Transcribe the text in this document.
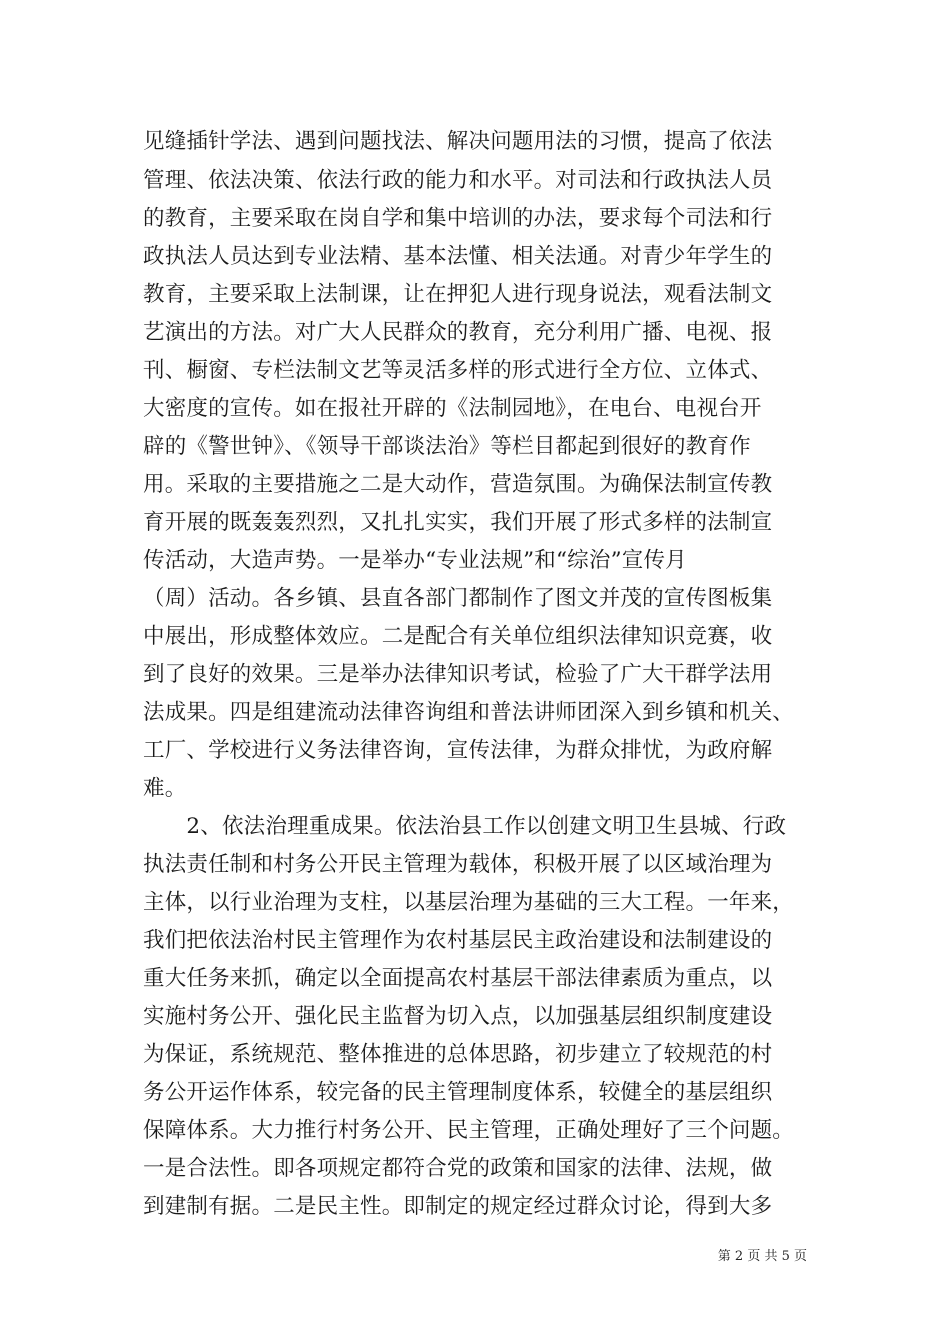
见缝插针学法、遇到问题找法、解决问题用法的习惯，提高了依法
管理、依法决策、依法行政的能力和水平。对司法和行政执法人员
的教育，主要采取在岗自学和集中培训的办法，要求每个司法和行
政执法人员达到专业法精、基本法懂、相关法通。对青少年学生的
教育，主要采取上法制课，让在押犯人进行现身说法，观看法制文
艺演出的方法。对广大人民群众的教育，充分利用广播、电视、报
刊、橱窗、专栏法制文艺等灵活多样的形式进行全方位、立体式、
大密度的宣传。如在报社开辟的《法制园地》，在电台、电视台开
辟的《警世钟》、《领导干部谈法治》等栏目都起到很好的教育作
用。采取的主要措施之二是大动作，营造氛围。为确保法制宣传教
育开展的既轰轰烈烈，又扎扎实实，我们开展了形式多样的法制宣
传活动，大造声势。一是举办“专业法规”和“综治”宣传月
（周）活动。各乡镇、县直各部门都制作了图文并茂的宣传图板集
中展出，形成整体效应。二是配合有关单位组织法律知识竞赛，收
到了良好的效果。三是举办法律知识考试，检验了广大干群学法用
法成果。四是组建流动法律咨询组和普法讲师团深入到乡镇和机关、
工厂、学校进行义务法律咨询，宣传法律，为群众排忧，为政府解
难。
　　2、依法治理重成果。依法治县工作以创建文明卫生县城、行政
执法责任制和村务公开民主管理为载体，积极开展了以区域治理为
主体，以行业治理为支柱，以基层治理为基础的三大工程。一年来，
我们把依法治村民主管理作为农村基层民主政治建设和法制建设的
重大任务来抓，确定以全面提高农村基层干部法律素质为重点，以
实施村务公开、强化民主监督为切入点，以加强基层组织制度建设
为保证，系统规范、整体推进的总体思路，初步建立了较规范的村
务公开运作体系，较完备的民主管理制度体系，较健全的基层组织
保障体系。大力推行村务公开、民主管理，正确处理好了三个问题。
一是合法性。即各项规定都符合党的政策和国家的法律、法规，做
到建制有据。二是民主性。即制定的规定经过群众讨论，得到大多
第 2 页 共 5 页
